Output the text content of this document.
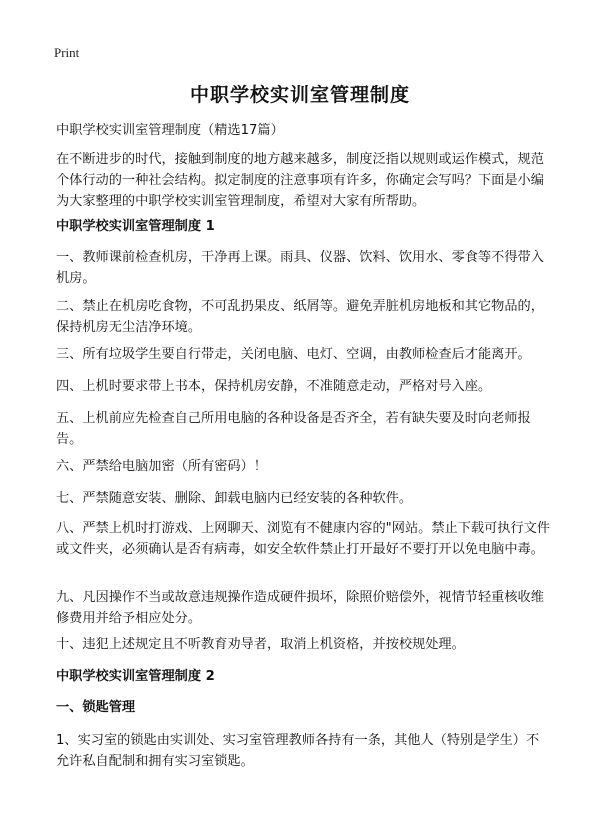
Print
中职学校实训室管理制度
中职学校实训室管理制度（精选17篇）
在不断进步的时代，接触到制度的地方越来越多，制度泛指以规则或运作模式，规范个体行动的一种社会结构。拟定制度的注意事项有许多，你确定会写吗？下面是小编为大家整理的中职学校实训室管理制度，希望对大家有所帮助。
中职学校实训室管理制度 1
一、教师课前检查机房，干净再上课。雨具、仪器、饮料、饮用水、零食等不得带入机房。
二、禁止在机房吃食物，不可乱扔果皮、纸屑等。避免弄脏机房地板和其它物品的，保持机房无尘洁净环境。
三、所有垃圾学生要自行带走，关闭电脑、电灯、空调，由教师检查后才能离开。
四、上机时要求带上书本，保持机房安静，不准随意走动，严格对号入座。
五、上机前应先检查自己所用电脑的各种设备是否齐全，若有缺失要及时向老师报告。
六、严禁给电脑加密（所有密码）！
七、严禁随意安装、删除、卸载电脑内已经安装的各种软件。
八、严禁上机时打游戏、上网聊天、浏览有不健康内容的"网站。禁止下载可执行文件或文件夹，必须确认是否有病毒，如安全软件禁止打开最好不要打开以免电脑中毒。
九、凡因操作不当或故意违规操作造成硬件损坏，除照价赔偿外，视情节轻重核收维修费用并给予相应处分。
十、违犯上述规定且不听教育劝导者，取消上机资格，并按校规处理。
中职学校实训室管理制度 2
一、锁匙管理
1、实习室的锁匙由实训处、实习室管理教师各持有一条，其他人（特别是学生）不允许私自配制和拥有实习室锁匙。
